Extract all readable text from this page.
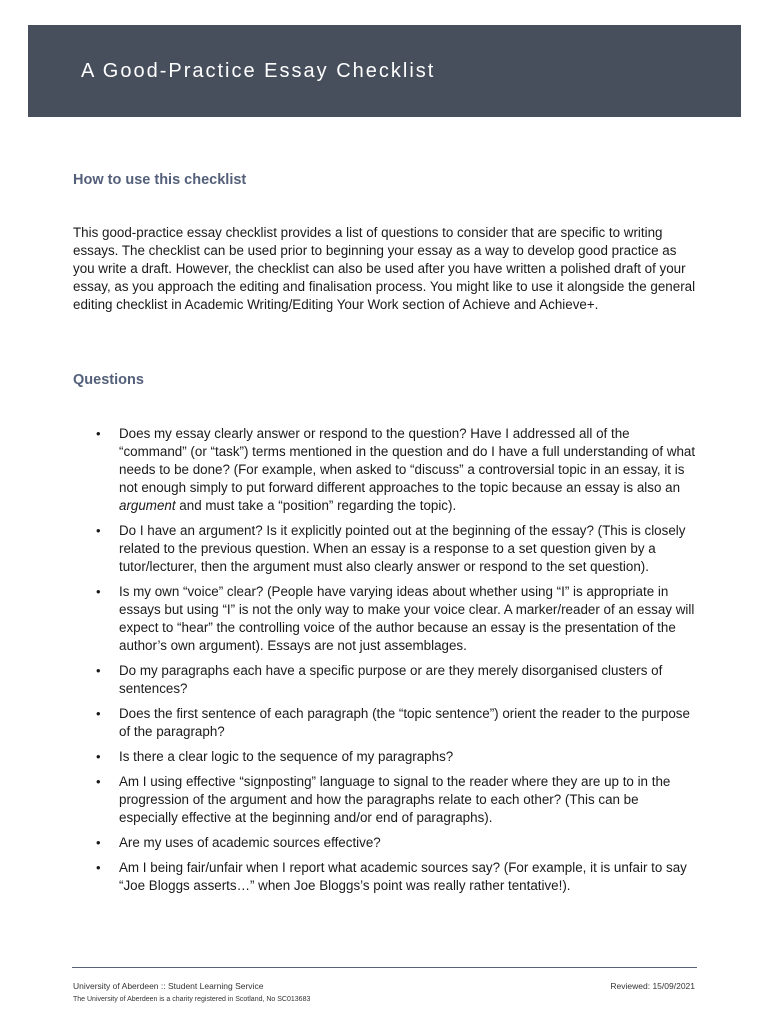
A Good-Practice Essay Checklist
How to use this checklist

This good-practice essay checklist provides a list of questions to consider that are specific to writing essays. The checklist can be used prior to beginning your essay as a way to develop good practice as you write a draft. However, the checklist can also be used after you have written a polished draft of your essay, as you approach the editing and finalisation process. You might like to use it alongside the general editing checklist in Academic Writing/Editing Your Work section of Achieve and Achieve+.

Questions
• Does my essay clearly answer or respond to the question? Have I addressed all of the “command” (or “task”) terms mentioned in the question and do I have a full understanding of what needs to be done? (For example, when asked to “discuss” a controversial topic in an essay, it is not enough simply to put forward different approaches to the topic because an essay is also an argument and must take a “position” regarding the topic).
• Do I have an argument? Is it explicitly pointed out at the beginning of the essay? (This is closely related to the previous question. When an essay is a response to a set question given by a tutor/lecturer, then the argument must also clearly answer or respond to the set question).
• Is my own “voice” clear? (People have varying ideas about whether using “I” is appropriate in essays but using “I” is not the only way to make your voice clear. A marker/reader of an essay will expect to “hear” the controlling voice of the author because an essay is the presentation of the author’s own argument). Essays are not just assemblages.
• Do my paragraphs each have a specific purpose or are they merely disorganised clusters of sentences?
• Does the first sentence of each paragraph (the “topic sentence”) orient the reader to the purpose of the paragraph?
• Is there a clear logic to the sequence of my paragraphs?
• Am I using effective “signposting” language to signal to the reader where they are up to in the progression of the argument and how the paragraphs relate to each other? (This can be especially effective at the beginning and/or end of paragraphs).
• Are my uses of academic sources effective?
• Am I being fair/unfair when I report what academic sources say? (For example, it is unfair to say “Joe Bloggs asserts…” when Joe Bloggs’s point was really rather tentative!).
University of Aberdeen :: Student Learning Service
The University of Aberdeen is a charity registered in Scotland, No SC013683
Reviewed: 15/09/2021
